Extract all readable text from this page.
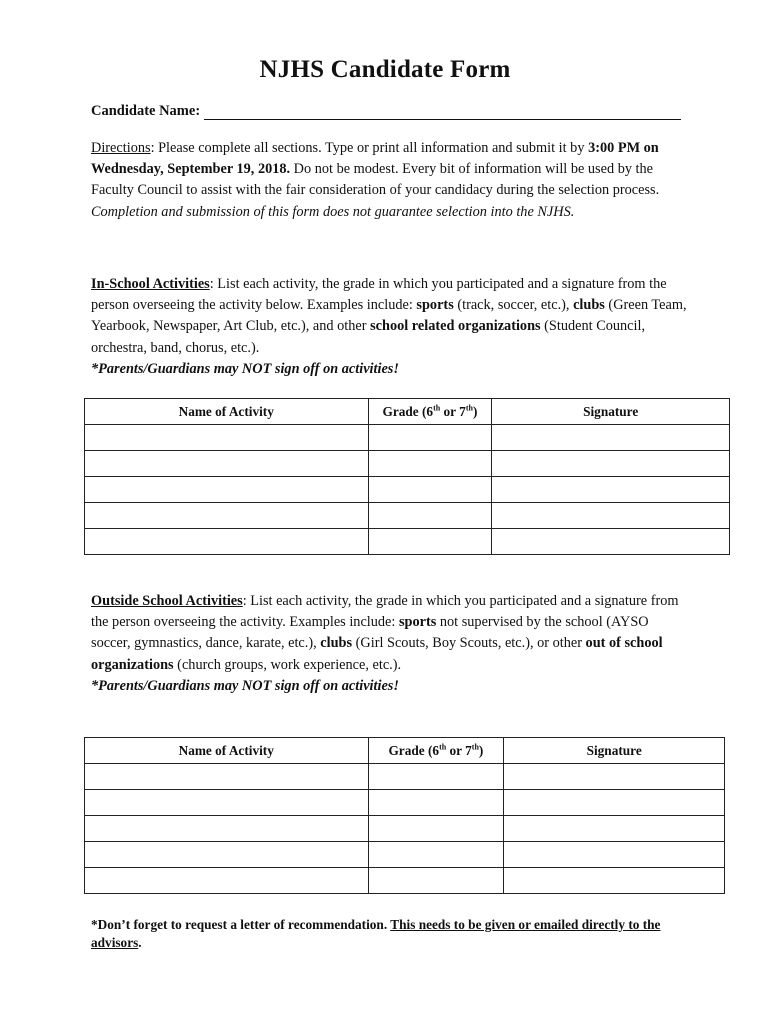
NJHS Candidate Form
Candidate Name:
Directions: Please complete all sections. Type or print all information and submit it by 3:00 PM on Wednesday, September 19, 2018. Do not be modest. Every bit of information will be used by the Faculty Council to assist with the fair consideration of your candidacy during the selection process.
Completion and submission of this form does not guarantee selection into the NJHS.
In-School Activities: List each activity, the grade in which you participated and a signature from the person overseeing the activity below. Examples include: sports (track, soccer, etc.), clubs (Green Team, Yearbook, Newspaper, Art Club, etc.), and other school related organizations (Student Council, orchestra, band, chorus, etc.).
*Parents/Guardians may NOT sign off on activities!
Name of Activity	Grade (6th or 7th)	Signature

Outside School Activities: List each activity, the grade in which you participated and a signature from the person overseeing the activity. Examples include: sports not supervised by the school (AYSO soccer, gymnastics, dance, karate, etc.), clubs (Girl Scouts, Boy Scouts, etc.), or other out of school organizations (church groups, work experience, etc.).
*Parents/Guardians may NOT sign off on activities!
Name of Activity	Grade (6th or 7th)	Signature

*Don’t forget to request a letter of recommendation. This needs to be given or emailed directly to the advisors.
